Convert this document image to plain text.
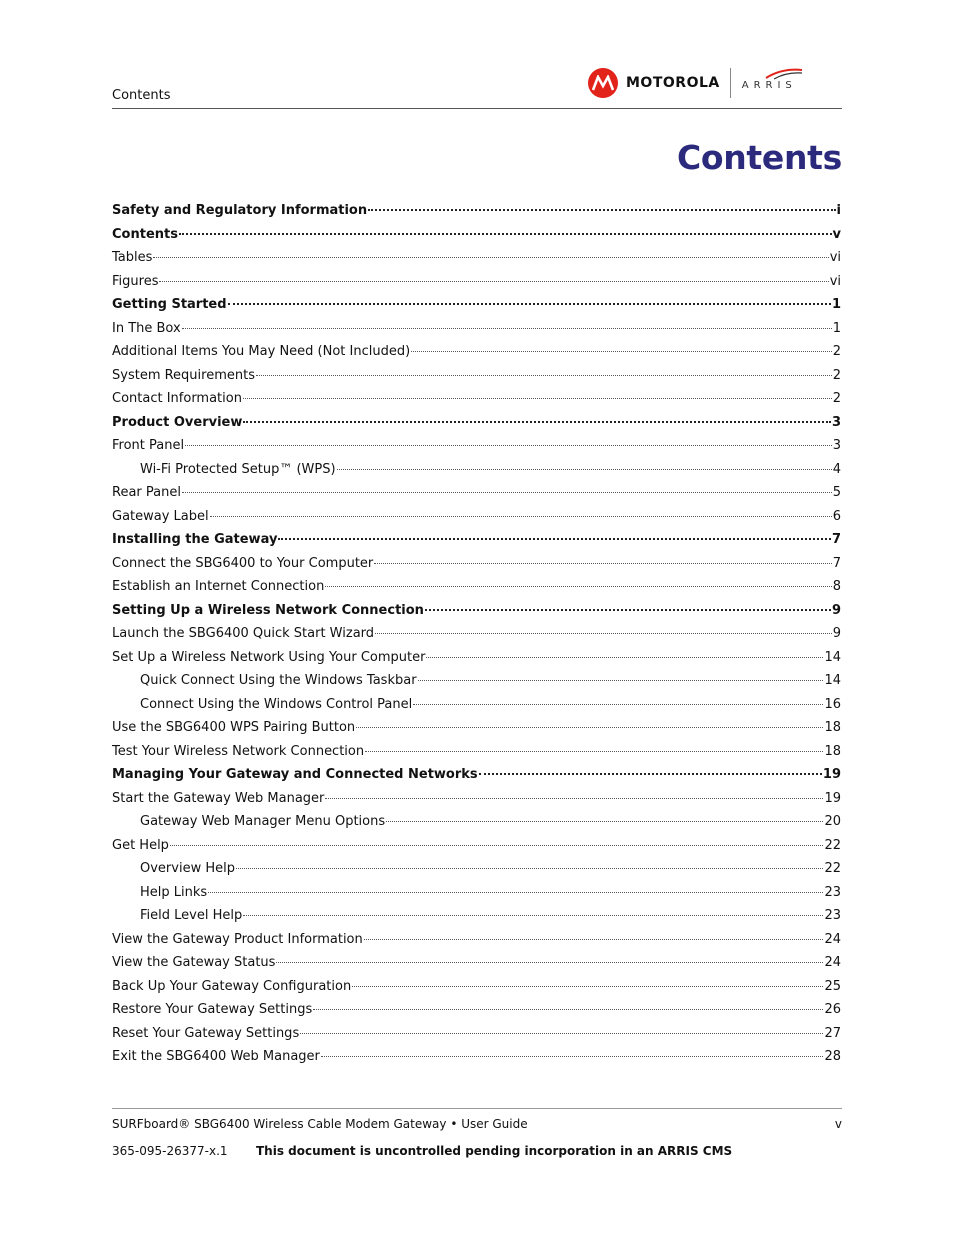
Contents
MOTOROLA ARRIS
Contents
Safety and Regulatory Information	i
Contents	v
Tables	vi
Figures	vi
Getting Started	1
In The Box	1
Additional Items You May Need (Not Included)	2
System Requirements	2
Contact Information	2
Product Overview	3
Front Panel	3
Wi-Fi Protected Setup™ (WPS)	4
Rear Panel	5
Gateway Label	6
Installing the Gateway	7
Connect the SBG6400 to Your Computer	7
Establish an Internet Connection	8
Setting Up a Wireless Network Connection	9
Launch the SBG6400 Quick Start Wizard	9
Set Up a Wireless Network Using Your Computer	14
Quick Connect Using the Windows Taskbar	14
Connect Using the Windows Control Panel	16
Use the SBG6400 WPS Pairing Button	18
Test Your Wireless Network Connection	18
Managing Your Gateway and Connected Networks	19
Start the Gateway Web Manager	19
Gateway Web Manager Menu Options	20
Get Help	22
Overview Help	22
Help Links	23
Field Level Help	23
View the Gateway Product Information	24
View the Gateway Status	24
Back Up Your Gateway Configuration	25
Restore Your Gateway Settings	26
Reset Your Gateway Settings	27
Exit the SBG6400 Web Manager	28
SURFboard® SBG6400 Wireless Cable Modem Gateway • User Guide	v
365-095-26377-x.1 This document is uncontrolled pending incorporation in an ARRIS CMS
